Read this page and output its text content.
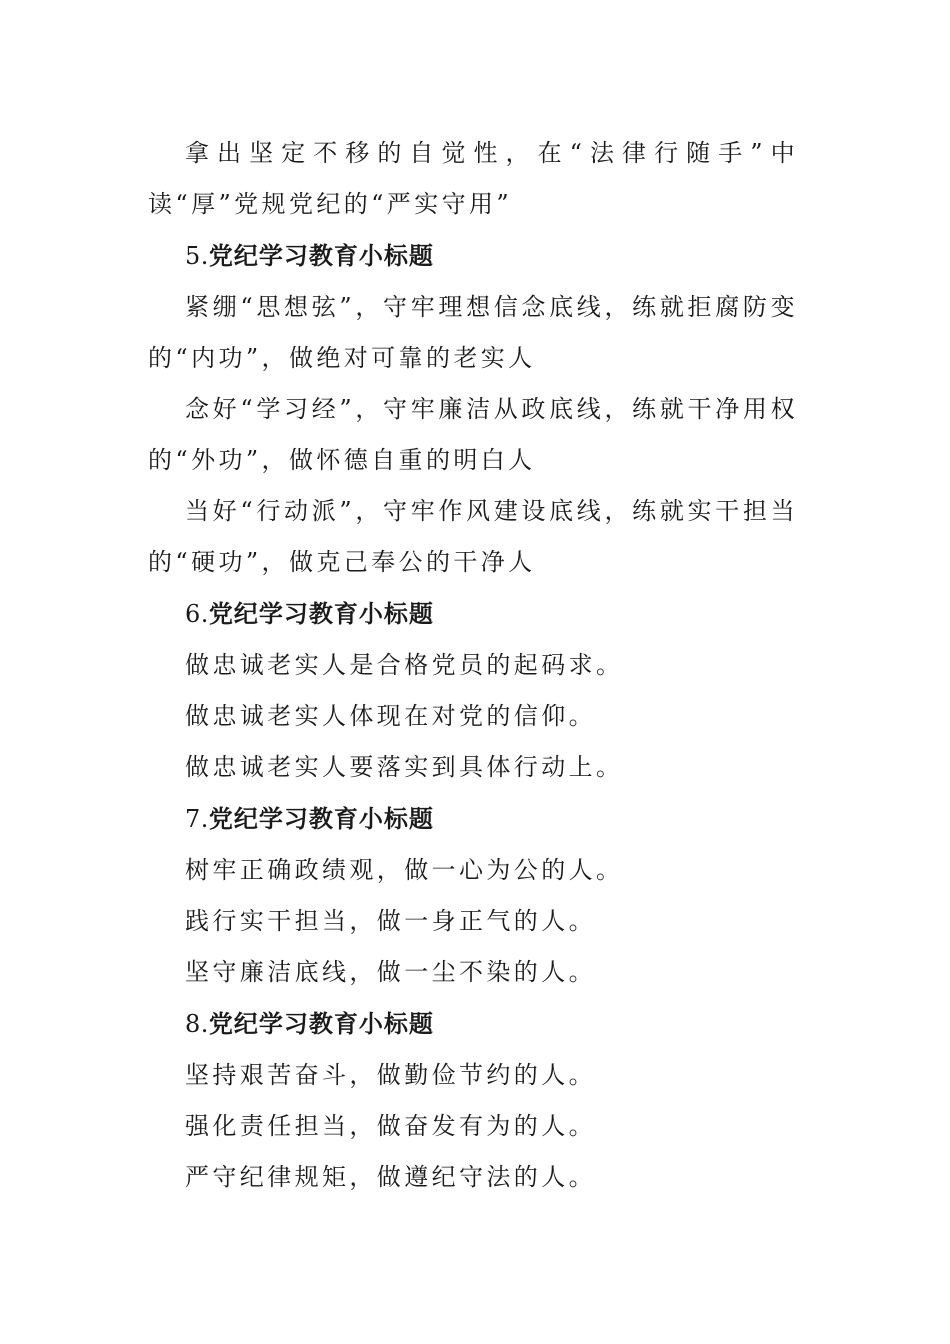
拿出坚定不移的自觉性，在“法律行随手”中读“厚”党规党纪的“严实守用”

5.党纪学习教育小标题

紧绷“思想弦”，守牢理想信念底线，练就拒腐防变的“内功”，做绝对可靠的老实人

念好“学习经”，守牢廉洁从政底线，练就干净用权的“外功”，做怀德自重的明白人

当好“行动派”，守牢作风建设底线，练就实干担当的“硬功”，做克己奉公的干净人

6.党纪学习教育小标题

做忠诚老实人是合格党员的起码求。

做忠诚老实人体现在对党的信仰。

做忠诚老实人要落实到具体行动上。

7.党纪学习教育小标题

树牢正确政绩观，做一心为公的人。

践行实干担当，做一身正气的人。

坚守廉洁底线，做一尘不染的人。

8.党纪学习教育小标题

坚持艰苦奋斗，做勤俭节约的人。

强化责任担当，做奋发有为的人。

严守纪律规矩，做遵纪守法的人。
